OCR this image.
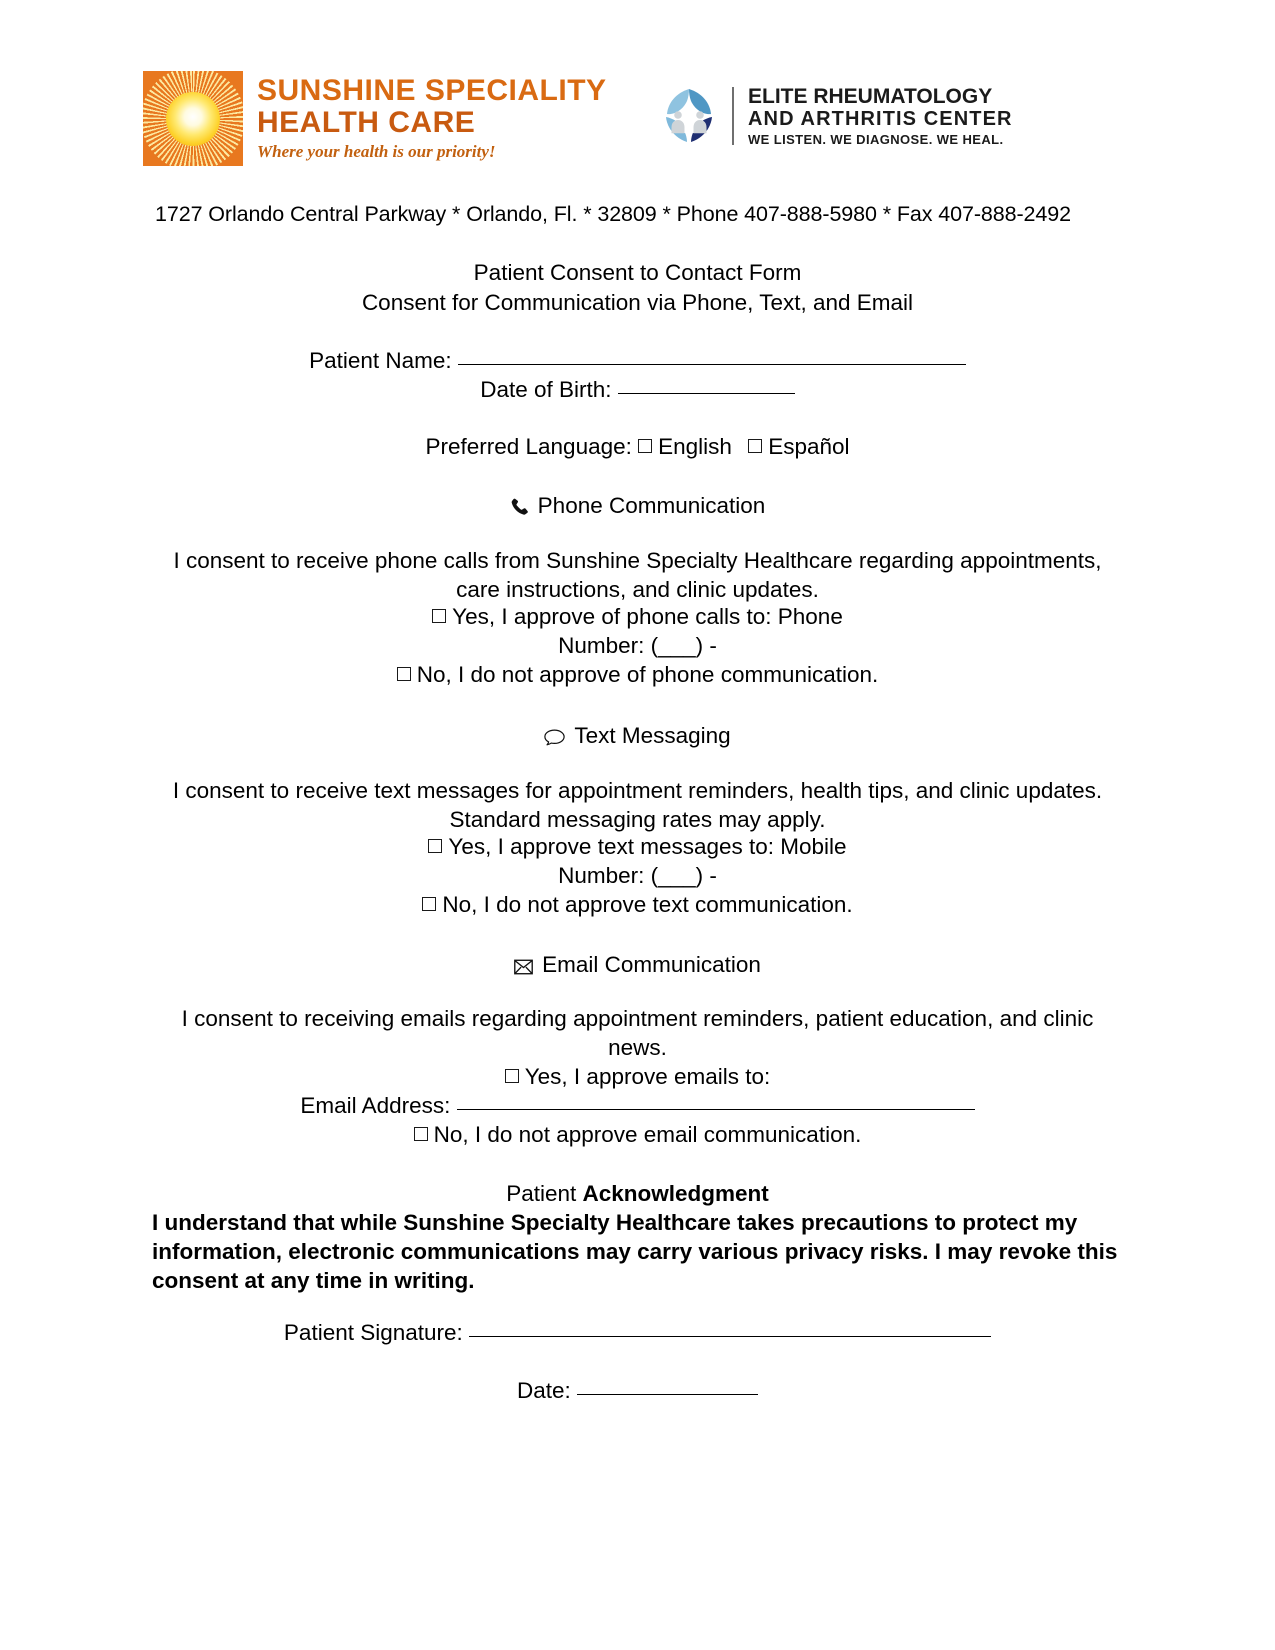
SUNSHINE SPECIALITY
HEALTH CARE
Where your health is our priority!
ELITE RHEUMATOLOGY
AND ARTHRITIS CENTER
WE LISTEN. WE DIAGNOSE. WE HEAL.
1727 Orlando Central Parkway * Orlando, Fl. * 32809 * Phone 407-888-5980 * Fax 407-888-2492
Patient Consent to Contact Form
Consent for Communication via Phone, Text, and Email
Patient Name:
Date of Birth:
Preferred Language: English Español
Phone Communication
I consent to receive phone calls from Sunshine Specialty Healthcare regarding appointments, care instructions, and clinic updates.
Yes, I approve of phone calls to: Phone
Number: (___) -
No, I do not approve of phone communication.
Text Messaging
I consent to receive text messages for appointment reminders, health tips, and clinic updates. Standard messaging rates may apply.
Yes, I approve text messages to: Mobile
Number: (___) -
No, I do not approve text communication.
Email Communication
I consent to receiving emails regarding appointment reminders, patient education, and clinic news.
Yes, I approve emails to:
Email Address:
No, I do not approve email communication.
Patient Acknowledgment
I understand that while Sunshine Specialty Healthcare takes precautions to protect my information, electronic communications may carry various privacy risks. I may revoke this consent at any time in writing.
Patient Signature:
Date:
